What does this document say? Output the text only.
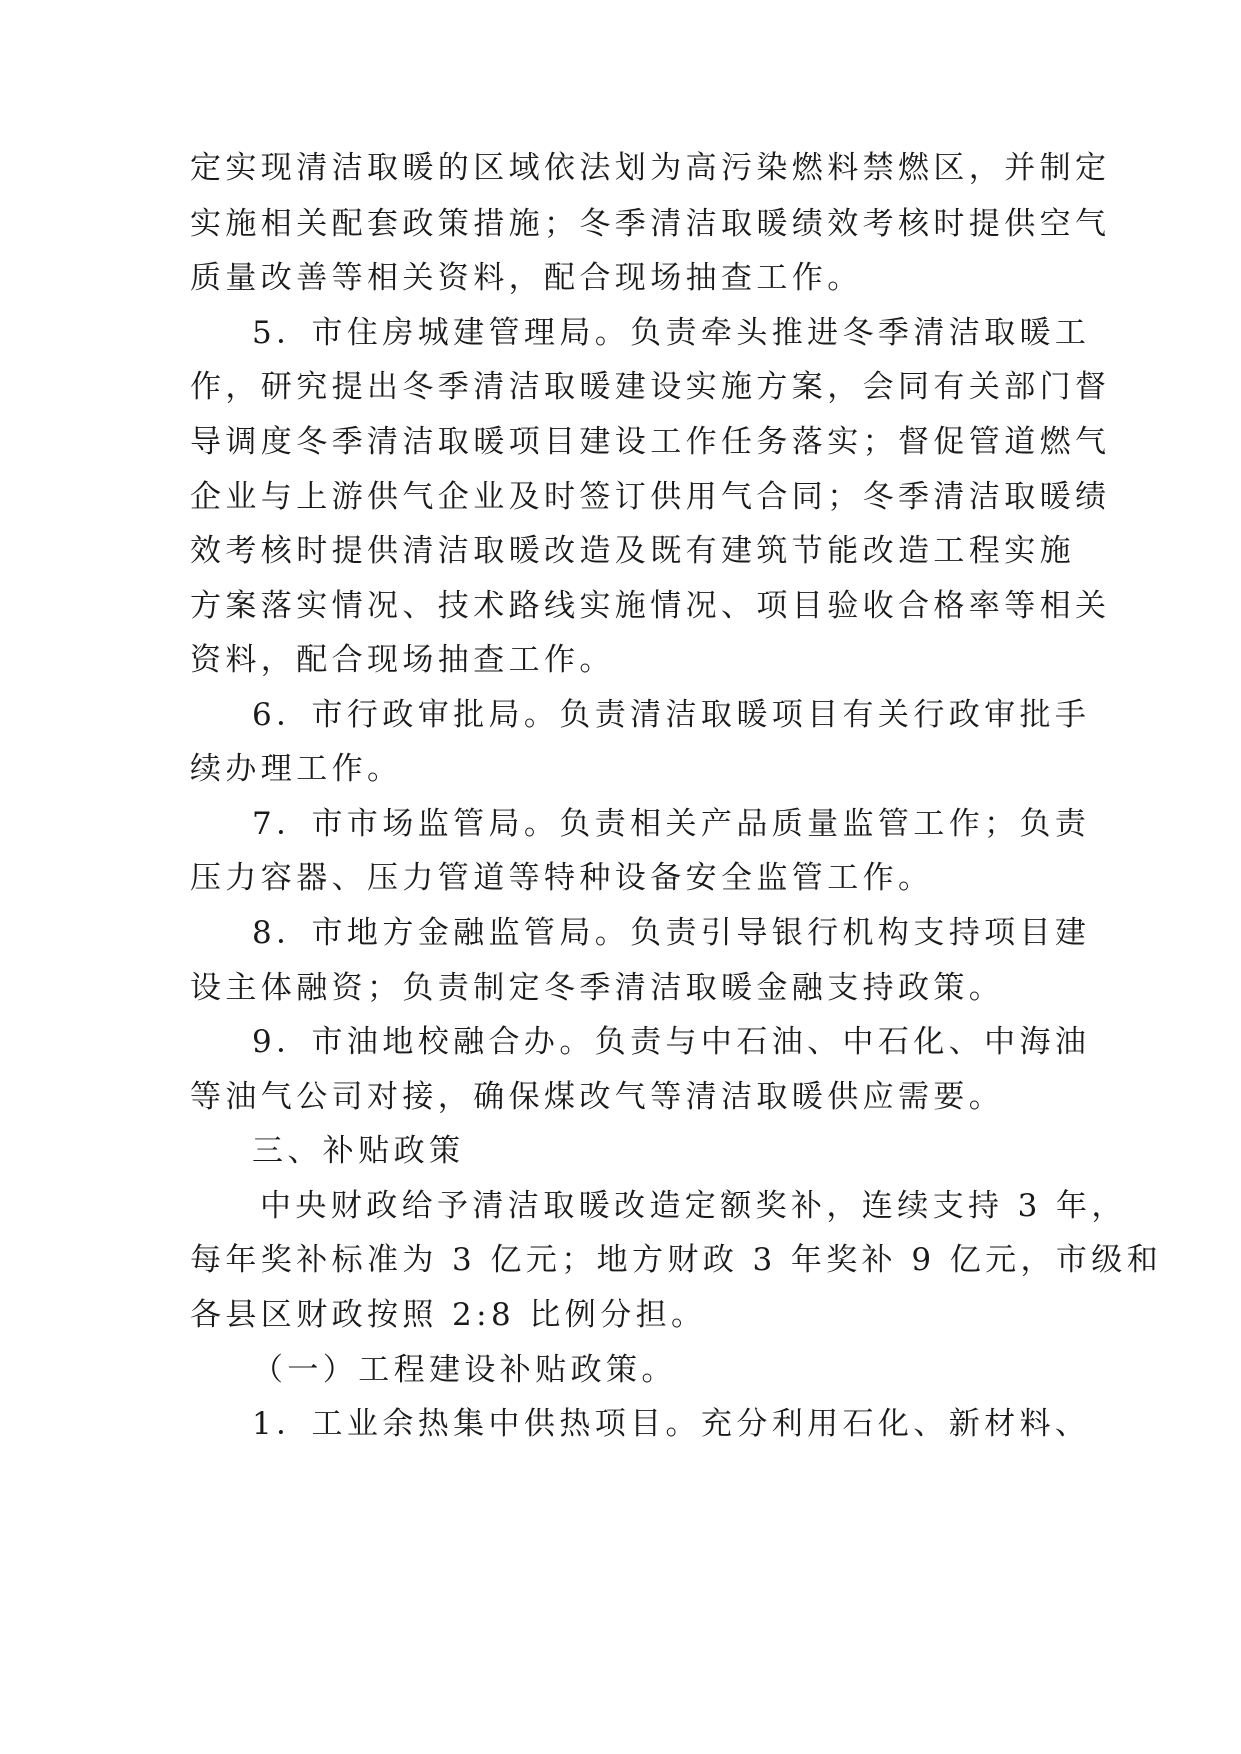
定实现清洁取暖的区域依法划为高污染燃料禁燃区，并制定
实施相关配套政策措施；冬季清洁取暖绩效考核时提供空气
质量改善等相关资料，配合现场抽查工作。
5．市住房城建管理局。负责牵头推进冬季清洁取暖工
作，研究提出冬季清洁取暖建设实施方案，会同有关部门督
导调度冬季清洁取暖项目建设工作任务落实；督促管道燃气
企业与上游供气企业及时签订供用气合同；冬季清洁取暖绩
效考核时提供清洁取暖改造及既有建筑节能改造工程实施
方案落实情况、技术路线实施情况、项目验收合格率等相关
资料，配合现场抽查工作。
6．市行政审批局。负责清洁取暖项目有关行政审批手
续办理工作。
7．市市场监管局。负责相关产品质量监管工作；负责
压力容器、压力管道等特种设备安全监管工作。
8．市地方金融监管局。负责引导银行机构支持项目建
设主体融资；负责制定冬季清洁取暖金融支持政策。
9．市油地校融合办。负责与中石油、中石化、中海油
等油气公司对接，确保煤改气等清洁取暖供应需要。
三、补贴政策
中央财政给予清洁取暖改造定额奖补，连续支持 3 年，
每年奖补标准为 3 亿元；地方财政 3 年奖补 9 亿元，市级和
各县区财政按照 2:8 比例分担。
（一）工程建设补贴政策。
1．工业余热集中供热项目。充分利用石化、新材料、
